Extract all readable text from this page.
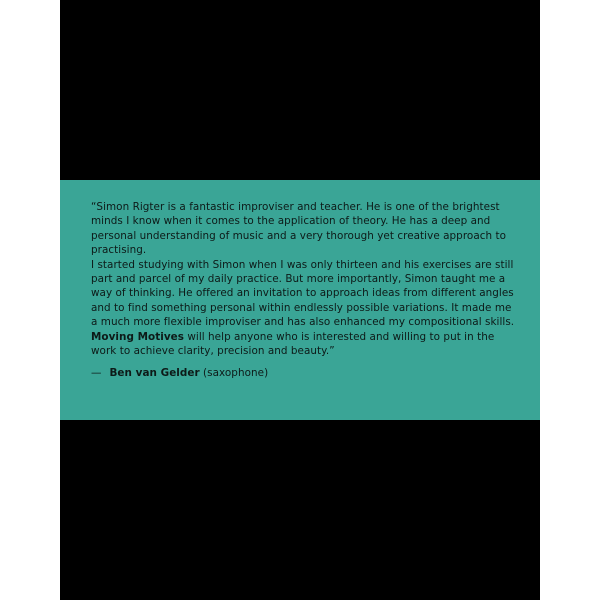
“Simon Rigter is a fantastic improviser and teacher. He is one of the brightest minds I know when it comes to the application of theory. He has a deep and personal understanding of music and a very thorough yet creative approach to practising.

I started studying with Simon when I was only thirteen and his exercises are still part and parcel of my daily practice. But more importantly, Simon taught me a way of thinking. He offered an invitation to approach ideas from different angles and to find something personal within endlessly possible variations. It made me a much more flexible improviser and has also enhanced my compositional skills.

Moving Motives will help anyone who is interested and willing to put in the work to achieve clarity, precision and beauty.”

— Ben van Gelder (saxophone)
